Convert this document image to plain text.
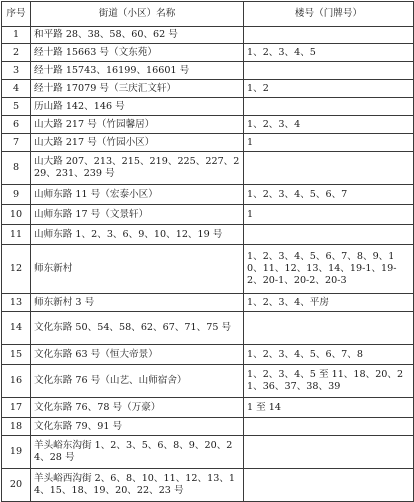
序号	街道（小区）名称	楼号（门牌号）
1	和平路 28、38、58、60、62 号	
2	经十路 15663 号（文东苑）	1、2、3、4、5
3	经十路 15743、16199、16601 号	
4	经十路 17079 号（三庆汇文轩）	1、2
5	历山路 142、146 号	
6	山大路 217 号（竹园馨居）	1、2、3、4
7	山大路 217 号（竹园小区）	1
8	山大路 207、213、215、219、225、227、229、231、239 号	
9	山师东路 11 号（宏泰小区）	1、2、3、4、5、6、7
10	山师东路 17 号（文景轩）	1
11	山师东路 1、2、3、6、9、10、12、19 号	
12	师东新村	1、2、3、4、5、6、7、8、9、10、11、12、13、14、19-1、19-2、20-1、20-2、20-3
13	师东新村 3 号	1、2、3、4、平房
14	文化东路 50、54、58、62、67、71、75 号	
15	文化东路 63 号（恒大帝景）	1、2、3、4、5、6、7、8
16	文化东路 76 号（山艺、山师宿舍）	1、2、3、4、5 至 11、18、20、21、36、37、38、39
17	文化东路 76、78 号（万豪）	1 至 14
18	文化东路 79、91 号	
19	羊头峪东沟街 1、2、3、5、6、8、9、20、24、28 号	
20	羊头峪西沟街 2、6、8、10、11、12、13、14、15、18、19、20、22、23 号	
